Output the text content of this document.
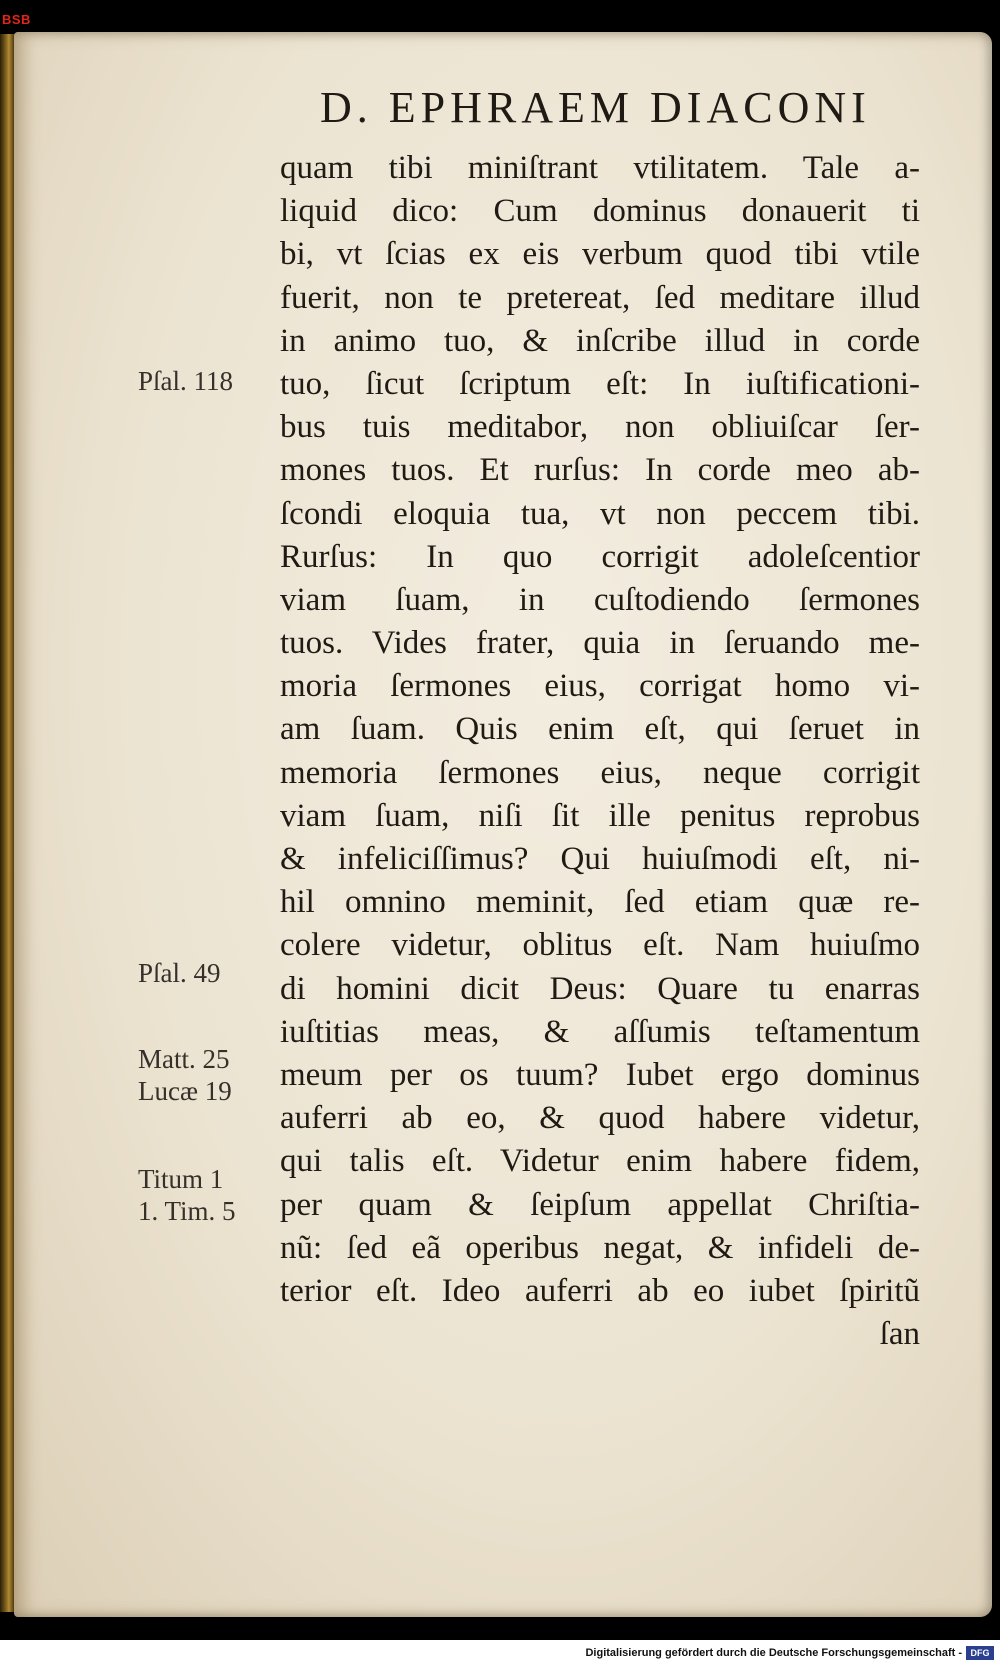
BSB
D. EPHRAEM DIACONI
quam tibi miniſtrant vtilitatem. Tale a-
liquid dico: Cum dominus donauerit ti
bi, vt ſcias ex eis verbum quod tibi vtile
fuerit, non te pretereat, ſed meditare illud
in animo tuo, & inſcribe illud in corde
tuo, ſicut ſcriptum eſt: In iuſtificationi-
bus tuis meditabor, non obliuiſcar ſer-
mones tuos. Et rurſus: In corde meo ab-
ſcondi eloquia tua, vt non peccem tibi.
Rurſus: In quo corrigit adoleſcentior
viam ſuam, in cuſtodiendo ſermones
tuos. Vides frater, quia in ſeruando me-
moria ſermones eius, corrigat homo vi-
am ſuam. Quis enim eſt, qui ſeruet in
memoria ſermones eius, neque corrigit
viam ſuam, niſi ſit ille penitus reprobus
& infeliciſſimus? Qui huiuſmodi eſt, ni-
hil omnino meminit, ſed etiam quæ re-
colere videtur, oblitus eſt. Nam huiuſmo
di homini dicit Deus: Quare tu enarras
iuſtitias meas, & aſſumis teſtamentum
meum per os tuum? Iubet ergo dominus
auferri ab eo, & quod habere videtur,
qui talis eſt. Videtur enim habere fidem,
per quam & ſeipſum appellat Chriſtia-
nũ: ſed eã operibus negat, & infideli de-
terior eſt. Ideo auferri ab eo iubet ſpiritũ
ſan
Pſal. 118
Pſal. 49
Matt. 25
Lucæ 19
Titum 1
1. Tim. 5
Digitalisierung gefördert durch die Deutsche Forschungsgemeinschaft - DFG
